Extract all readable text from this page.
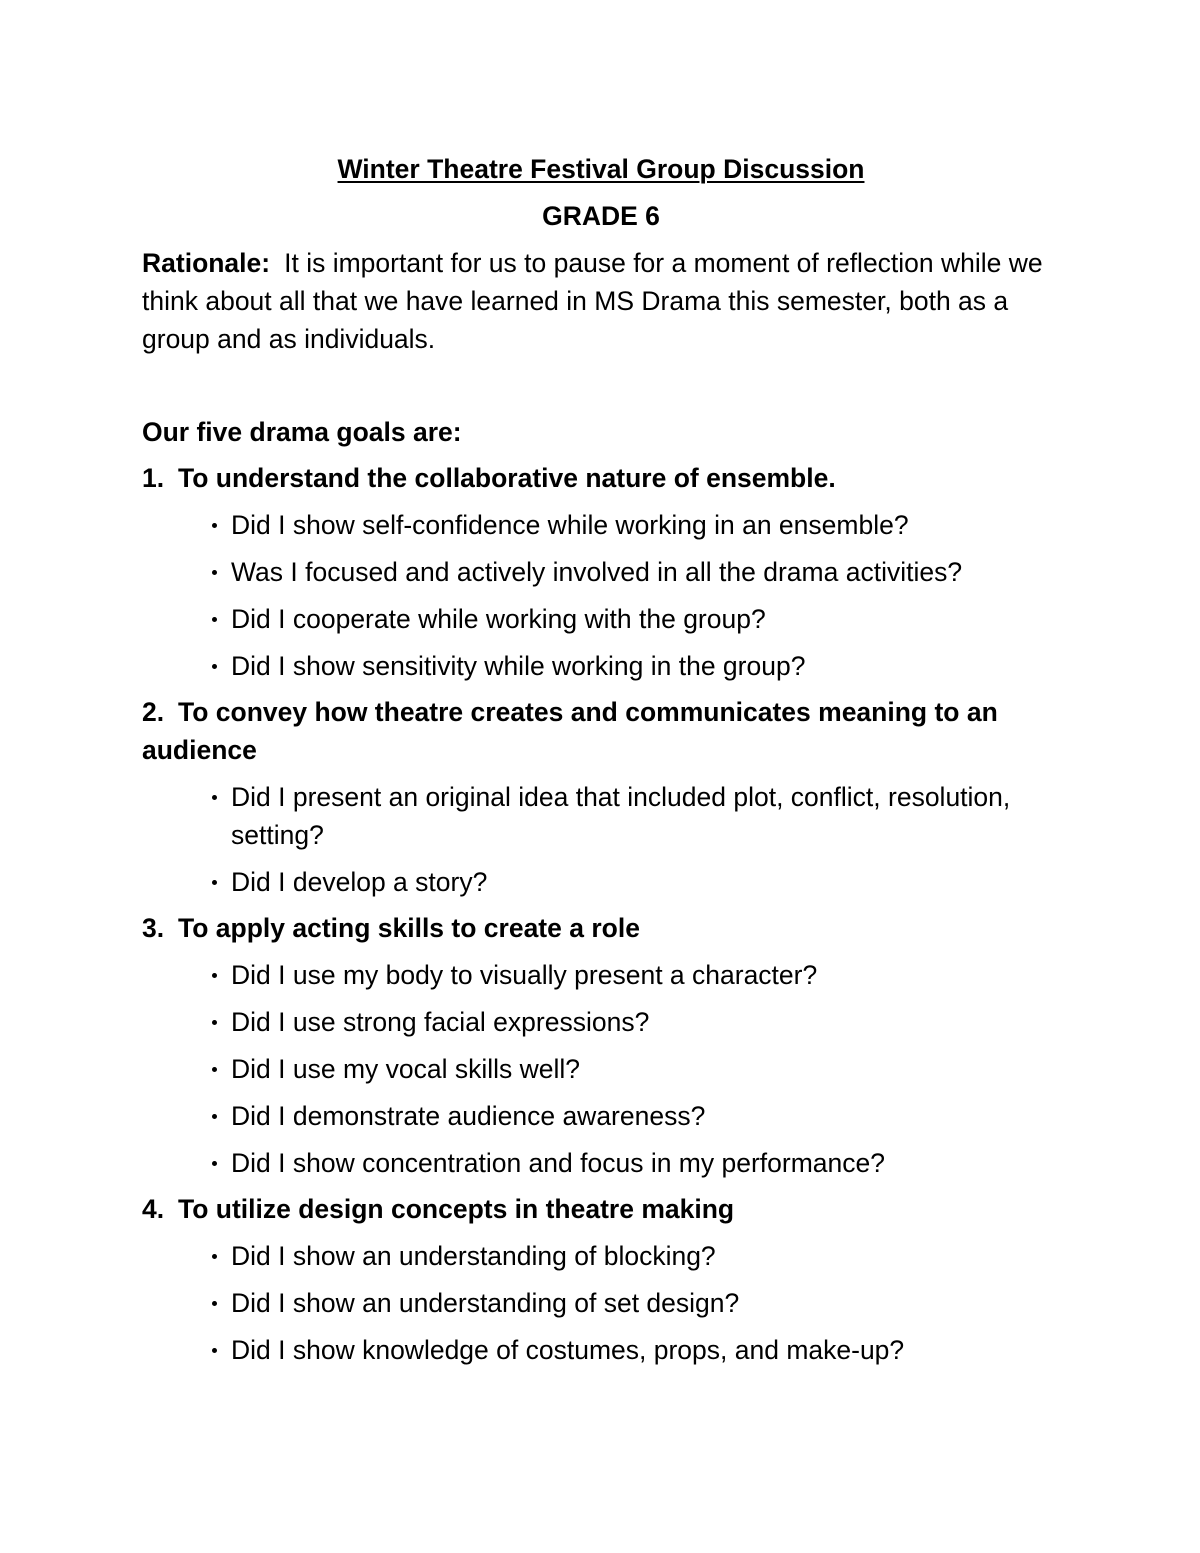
Winter Theatre Festival Group Discussion
GRADE 6
Rationale: It is important for us to pause for a moment of reflection while we think about all that we have learned in MS Drama this semester, both as a group and as individuals.
Our five drama goals are:
1. To understand the collaborative nature of ensemble.
Did I show self-confidence while working in an ensemble?
Was I focused and actively involved in all the drama activities?
Did I cooperate while working with the group?
Did I show sensitivity while working in the group?
2. To convey how theatre creates and communicates meaning to an audience
Did I present an original idea that included plot, conflict, resolution, setting?
Did I develop a story?
3. To apply acting skills to create a role
Did I use my body to visually present a character?
Did I use strong facial expressions?
Did I use my vocal skills well?
Did I demonstrate audience awareness?
Did I show concentration and focus in my performance?
4. To utilize design concepts in theatre making
Did I show an understanding of blocking?
Did I show an understanding of set design?
Did I show knowledge of costumes, props, and make-up?
